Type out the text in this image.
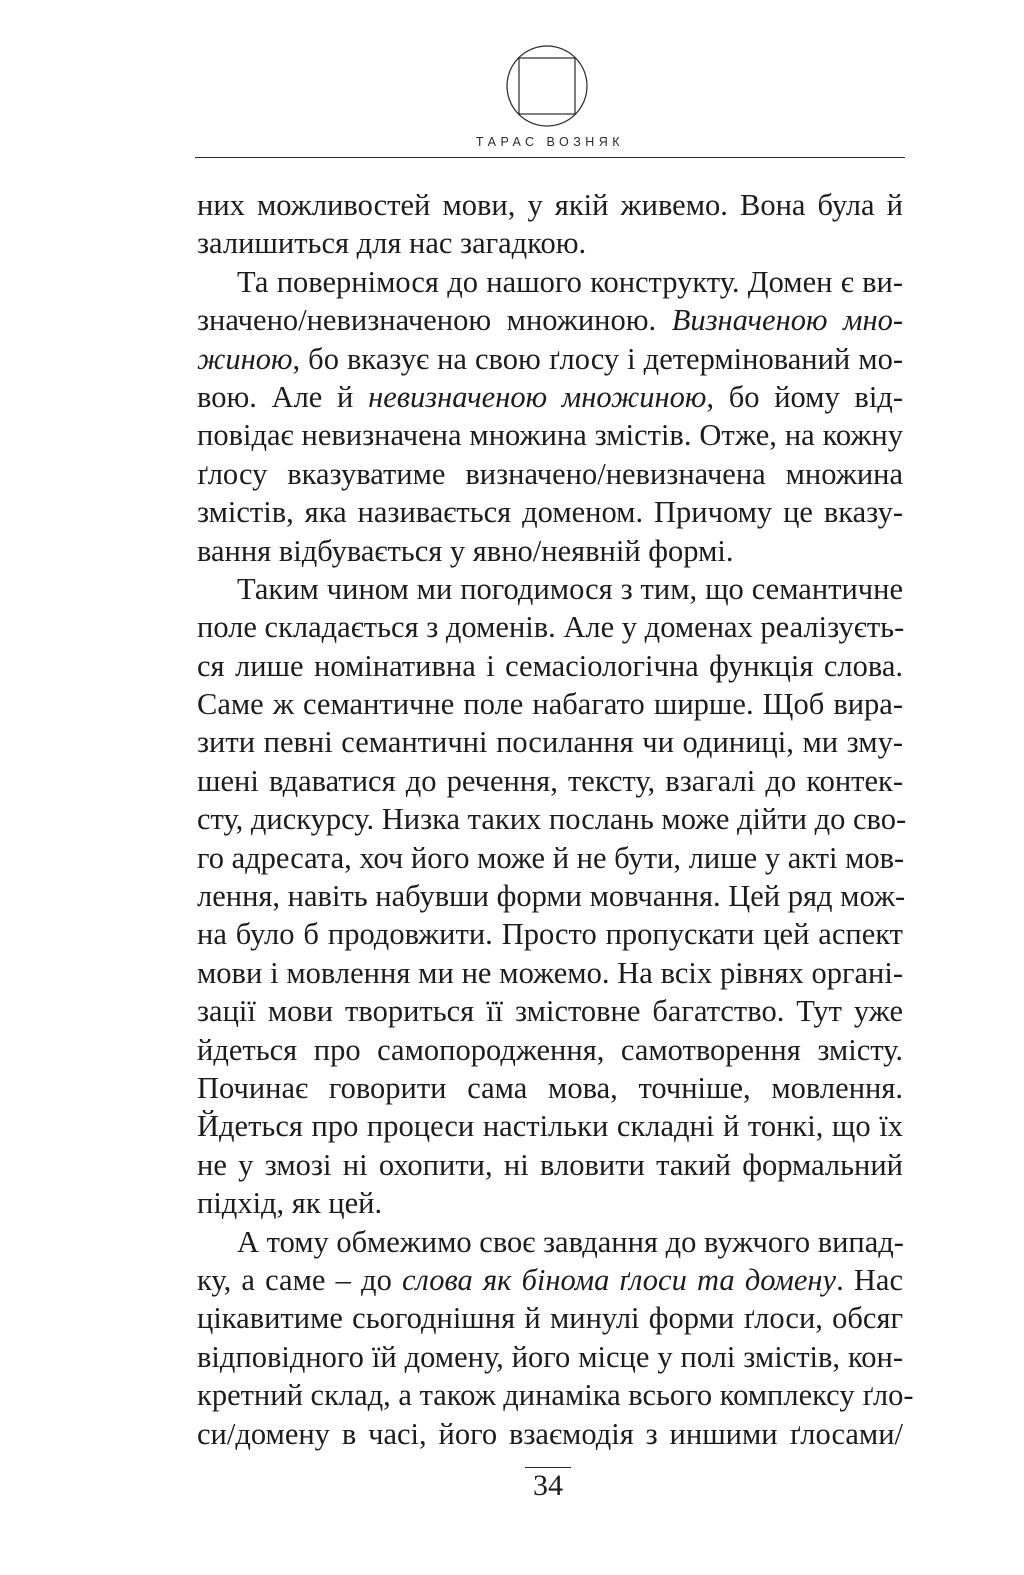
ТАРАС ВОЗНЯК
них можливостей мови, у якій живемо. Вона була й
залишиться для нас загадкою.
Та повернімося до нашого конструкту. Домен є ви-
значено/невизначеною множиною. Визначеною мно-
жиною, бо вказує на свою ґлосу і детермінований мо-
вою. Але й невизначеною множиною, бо йому від-
повідає невизначена множина змістів. Отже, на кожну
ґлосу вказуватиме визначено/невизначена множина
змістів, яка називається доменом. Причому це вказу-
вання відбувається у явно/неявній формі.
Таким чином ми погодимося з тим, що семантичне
поле складається з доменів. Але у доменах реалізуєть-
ся лише номінативна і семасіологічна функція слова.
Саме ж семантичне поле набагато ширше. Щоб вира-
зити певні семантичні посилання чи одиниці, ми зму-
шені вдаватися до речення, тексту, взагалі до контек-
сту, дискурсу. Низка таких послань може дійти до сво-
го адресата, хоч його може й не бути, лише у акті мов-
лення, навіть набувши форми мовчання. Цей ряд мож-
на було б продовжити. Просто пропускати цей аспект
мови і мовлення ми не можемо. На всіх рівнях органі-
зації мови твориться її змістовне багатство. Тут уже
йдеться про самопородження, самотворення змісту.
Починає говорити сама мова, точніше, мовлення.
Йдеться про процеси настільки складні й тонкі, що їх
не у змозі ні охопити, ні вловити такий формальний
підхід, як цей.
А тому обмежимо своє завдання до вужчого випад-
ку, а саме – до слова як бінома ґлоси та домену. Нас
цікавитиме сьогоднішня й минулі форми ґлоси, обсяг
відповідного їй домену, його місце у полі змістів, кон-
кретний склад, а також динаміка всього комплексу ґло-
си/домену в часі, його взаємодія з иншими ґлосами/
34
